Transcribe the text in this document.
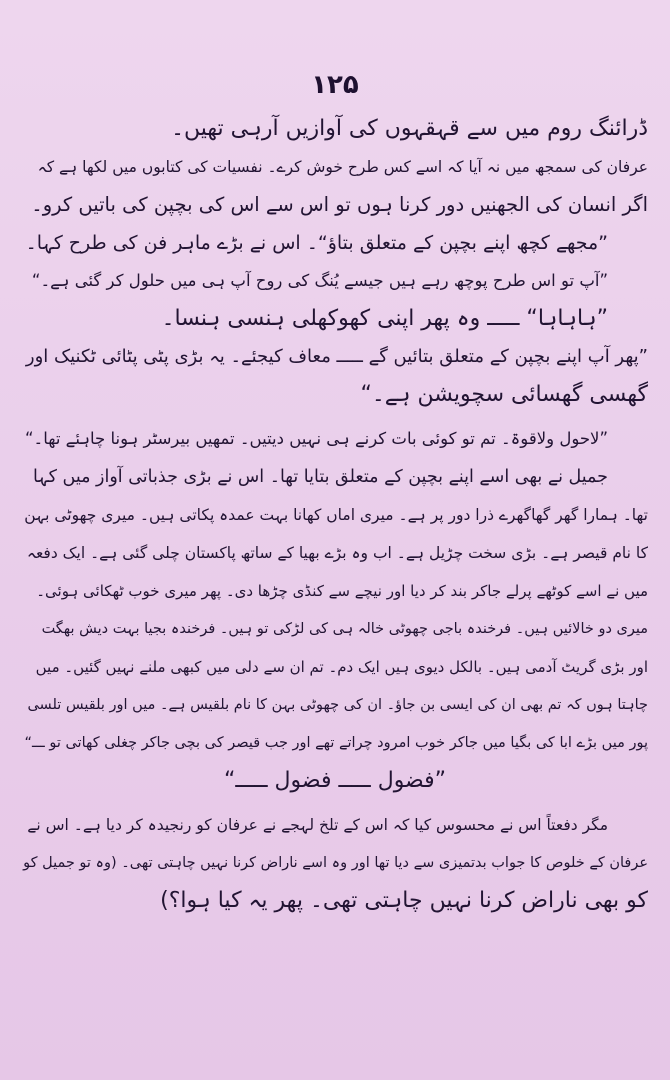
۱۲۵
ڈرائنگ روم میں سے قہقہوں کی آوازیں آرہی تھیں۔
عرفان کی سمجھ میں نہ آیا کہ اسے کس طرح خوش کرے۔ نفسیات کی کتابوں میں لکھا ہے کہ
اگر انسان کی الجھنیں دور کرنا ہوں تو اس سے اس کی بچپن کی باتیں کرو۔
”مجھے کچھ اپنے بچپن کے متعلق بتاؤ“۔ اس نے بڑے ماہر فن کی طرح کہا۔
”آپ تو اس طرح پوچھ رہے ہیں جیسے یُنگ کی روح آپ ہی میں حلول کر گئی ہے۔“
”ہاہاہا“ ـــــ وہ پھر اپنی کھوکھلی ہنسی ہنسا۔
”پھر آپ اپنے بچپن کے متعلق بتائیں گے ـــــ معاف کیجئے۔ یہ بڑی پٹی پٹائی ٹکنیک اور
گھسی گھسائی سچویشن ہے۔“
”لاحول ولاقوۃ۔ تم تو کوئی بات کرنے ہی نہیں دیتیں۔ تمھیں بیرسٹر ہونا چاہئے تھا۔“
جمیل نے بھی اسے اپنے بچپن کے متعلق بتایا تھا۔ اس نے بڑی جذباتی آواز میں کہا
تھا۔ ہمارا گھر گھاگھرے ذرا دور پر ہے۔ میری اماں کھانا بہت عمدہ پکاتی ہیں۔ میری چھوٹی بہن
کا نام قیصر ہے۔ بڑی سخت چڑیل ہے۔ اب وہ بڑے بھیا کے ساتھ پاکستان چلی گئی ہے۔ ایک دفعہ
میں نے اسے کوٹھے پرلے جاکر بند کر دیا اور نیچے سے کنڈی چڑھا دی۔ پھر میری خوب ٹھکائی ہوئی۔
میری دو خالائیں ہیں۔ فرخندہ باجی چھوٹی خالہ ہی کی لڑکی تو ہیں۔ فرخندہ بجیا بہت دیش بھگت
اور بڑی گریٹ آدمی ہیں۔ بالکل دیوی ہیں ایک دم۔ تم ان سے دلی میں کبھی ملنے نہیں گئیں۔ میں
چاہتا ہوں کہ تم بھی ان کی ایسی بن جاؤ۔ ان کی چھوٹی بہن کا نام بلقیس ہے۔ میں اور بلقیس تلسی
پور میں بڑے ابا کی بگیا میں جاکر خوب امرود چراتے تھے اور جب قیصر کی بچی جاکر چغلی کھاتی تو ـــ“
”فضول ـــــ فضول ـــــ“
مگر دفعتاً اس نے محسوس کیا کہ اس کے تلخ لہجے نے عرفان کو رنجیدہ کر دیا ہے۔ اس نے
عرفان کے خلوص کا جواب بدتمیزی سے دیا تھا اور وہ اسے ناراض کرنا نہیں چاہتی تھی۔ (وہ تو جمیل کو
کو بھی ناراض کرنا نہیں چاہتی تھی۔ پھر یہ کیا ہوا؟)
